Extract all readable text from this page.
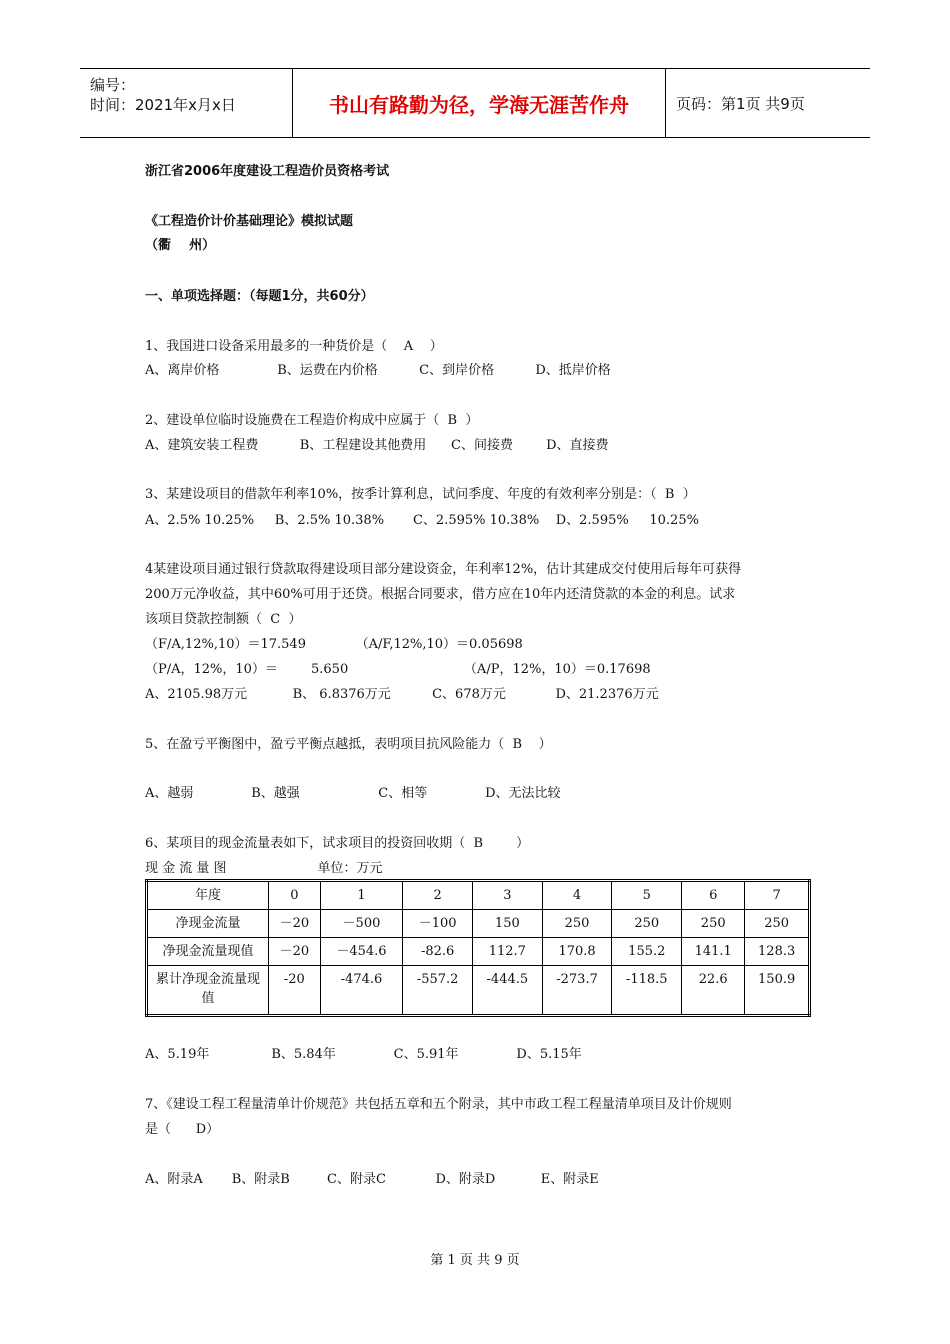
编号：
时间：2021年x月x日	书山有路勤为径，学海无涯苦作舟	页码：第1页 共9页
浙江省2006年度建设工程造价员资格考试
《工程造价计价基础理论》模拟试题
（衢    州）
一、单项选择题：（每题1分，共60分）
1、我国进口设备采用最多的一种货价是（    A    ）
A、离岸价格              B、运费在内价格          C、到岸价格          D、抵岸价格
2、建设单位临时设施费在工程造价构成中应属于（  B  ）
A、建筑安装工程费          B、工程建设其他费用      C、间接费        D、直接费
3、某建设项目的借款年利率10%，按季计算利息，试问季度、年度的有效利率分别是：（  B  ）
A、2.5% 10.25%     B、2.5% 10.38%       C、2.595% 10.38%    D、2.595%     10.25%
4某建设项目通过银行贷款取得建设项目部分建设资金，年利率12%，估计其建成交付使用后每年可获得
200万元净收益，其中60%可用于还贷。根据合同要求，借方应在10年内还清贷款的本金的利息。试求
该项目贷款控制额（  C  ）
（F/A,12%,10）＝17.549            （A/F,12%,10）＝0.05698
（P/A，12%，10）＝        5.650                            （A/P，12%，10）＝0.17698
A、2105.98万元           B、 6.8376万元          C、678万元            D、21.2376万元
5、在盈亏平衡图中，盈亏平衡点越抵，表明项目抗风险能力（  B    ）
A、越弱              B、越强                   C、相等              D、无法比较
6、某项目的现金流量表如下，试求项目的投资回收期（  B        ）
现 金 流 量 图                      单位：万元
年度	0	1	2	3	4	5	6	7
净现金流量	－20	－500	－100	150	250	250	250	250
净现金流量现值	－20	－454.6	-82.6	112.7	170.8	155.2	141.1	128.3
累计净现金流量现值	-20	-474.6	-557.2	-444.5	-273.7	-118.5	22.6	150.9
A、5.19年               B、5.84年              C、5.91年              D、5.15年
7、《建设工程工程量清单计价规范》共包括五章和五个附录，其中市政工程工程量清单项目及计价规则
是（      D）
A、附录A       B、附录B         C、附录C            D、附录D           E、附录E
第 1 页 共 9 页
